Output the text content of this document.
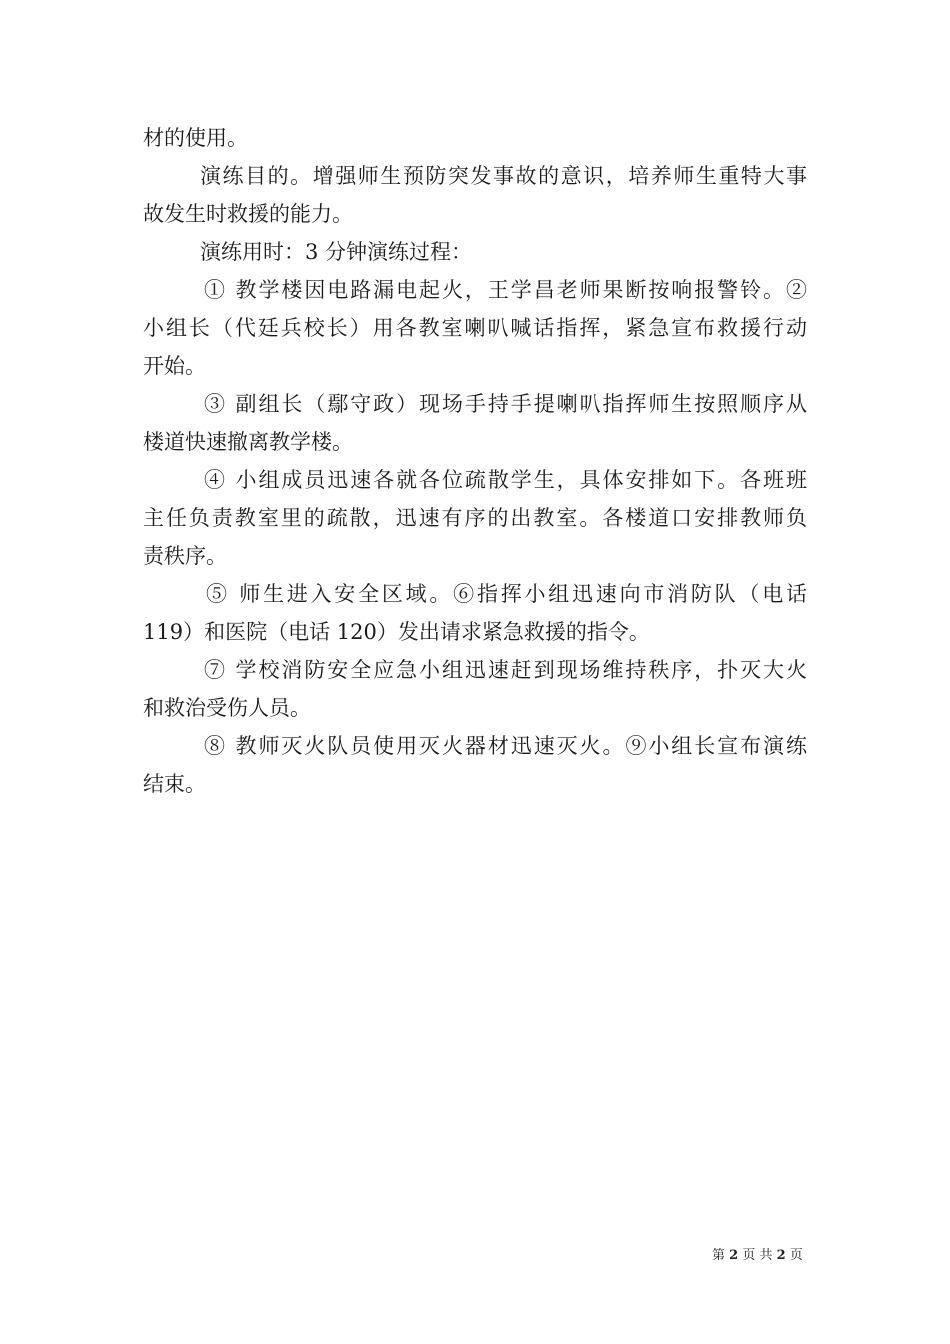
材的使用。
演练目的。增强师生预防突发事故的意识，培养师生重特大事
故发生时救援的能力。
演练用时：3 分钟演练过程：
① 教学楼因电路漏电起火，王学昌老师果断按响报警铃。②
小组长（代廷兵校长）用各教室喇叭喊话指挥，紧急宣布救援行动
开始。
③ 副组长（鄢守政）现场手持手提喇叭指挥师生按照顺序从
楼道快速撤离教学楼。
④ 小组成员迅速各就各位疏散学生，具体安排如下。各班班
主任负责教室里的疏散，迅速有序的出教室。各楼道口安排教师负
责秩序。
⑤ 师生进入安全区域。⑥指挥小组迅速向市消防队（电话
119）和医院（电话 120）发出请求紧急救援的指令。
⑦ 学校消防安全应急小组迅速赶到现场维持秩序，扑灭大火
和救治受伤人员。
⑧ 教师灭火队员使用灭火器材迅速灭火。⑨小组长宣布演练
结束。
第 2 页 共 2 页
